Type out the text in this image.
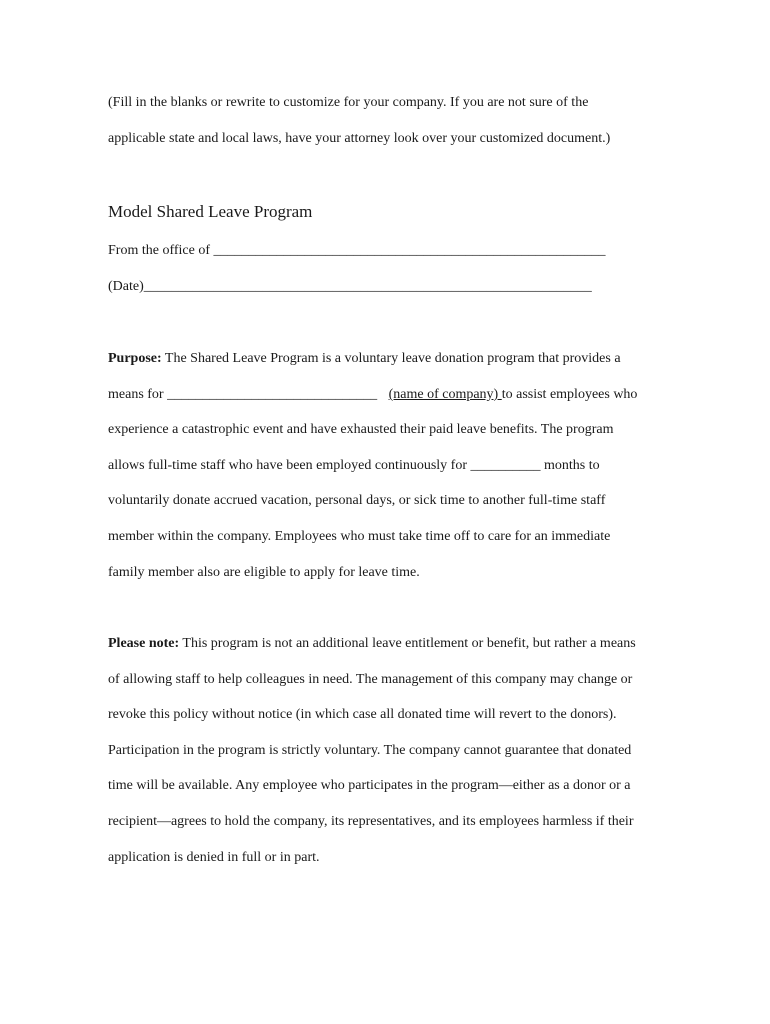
(Fill in the blanks or rewrite to customize for your company. If you are not sure of the
applicable state and local laws, have your attorney look over your customized document.)
Model Shared Leave Program
From the office of ________________________________________________________
(Date)________________________________________________________________
Purpose: The Shared Leave Program is a voluntary leave donation program that provides a
means for ______________________________ (name of company) to assist employees who
experience a catastrophic event and have exhausted their paid leave benefits. The program
allows full-time staff who have been employed continuously for __________ months to
voluntarily donate accrued vacation, personal days, or sick time to another full-time staff
member within the company. Employees who must take time off to care for an immediate
family member also are eligible to apply for leave time.
Please note: This program is not an additional leave entitlement or benefit, but rather a means
of allowing staff to help colleagues in need. The management of this company may change or
revoke this policy without notice (in which case all donated time will revert to the donors).
Participation in the program is strictly voluntary. The company cannot guarantee that donated
time will be available. Any employee who participates in the program—either as a donor or a
recipient—agrees to hold the company, its representatives, and its employees harmless if their
application is denied in full or in part.
